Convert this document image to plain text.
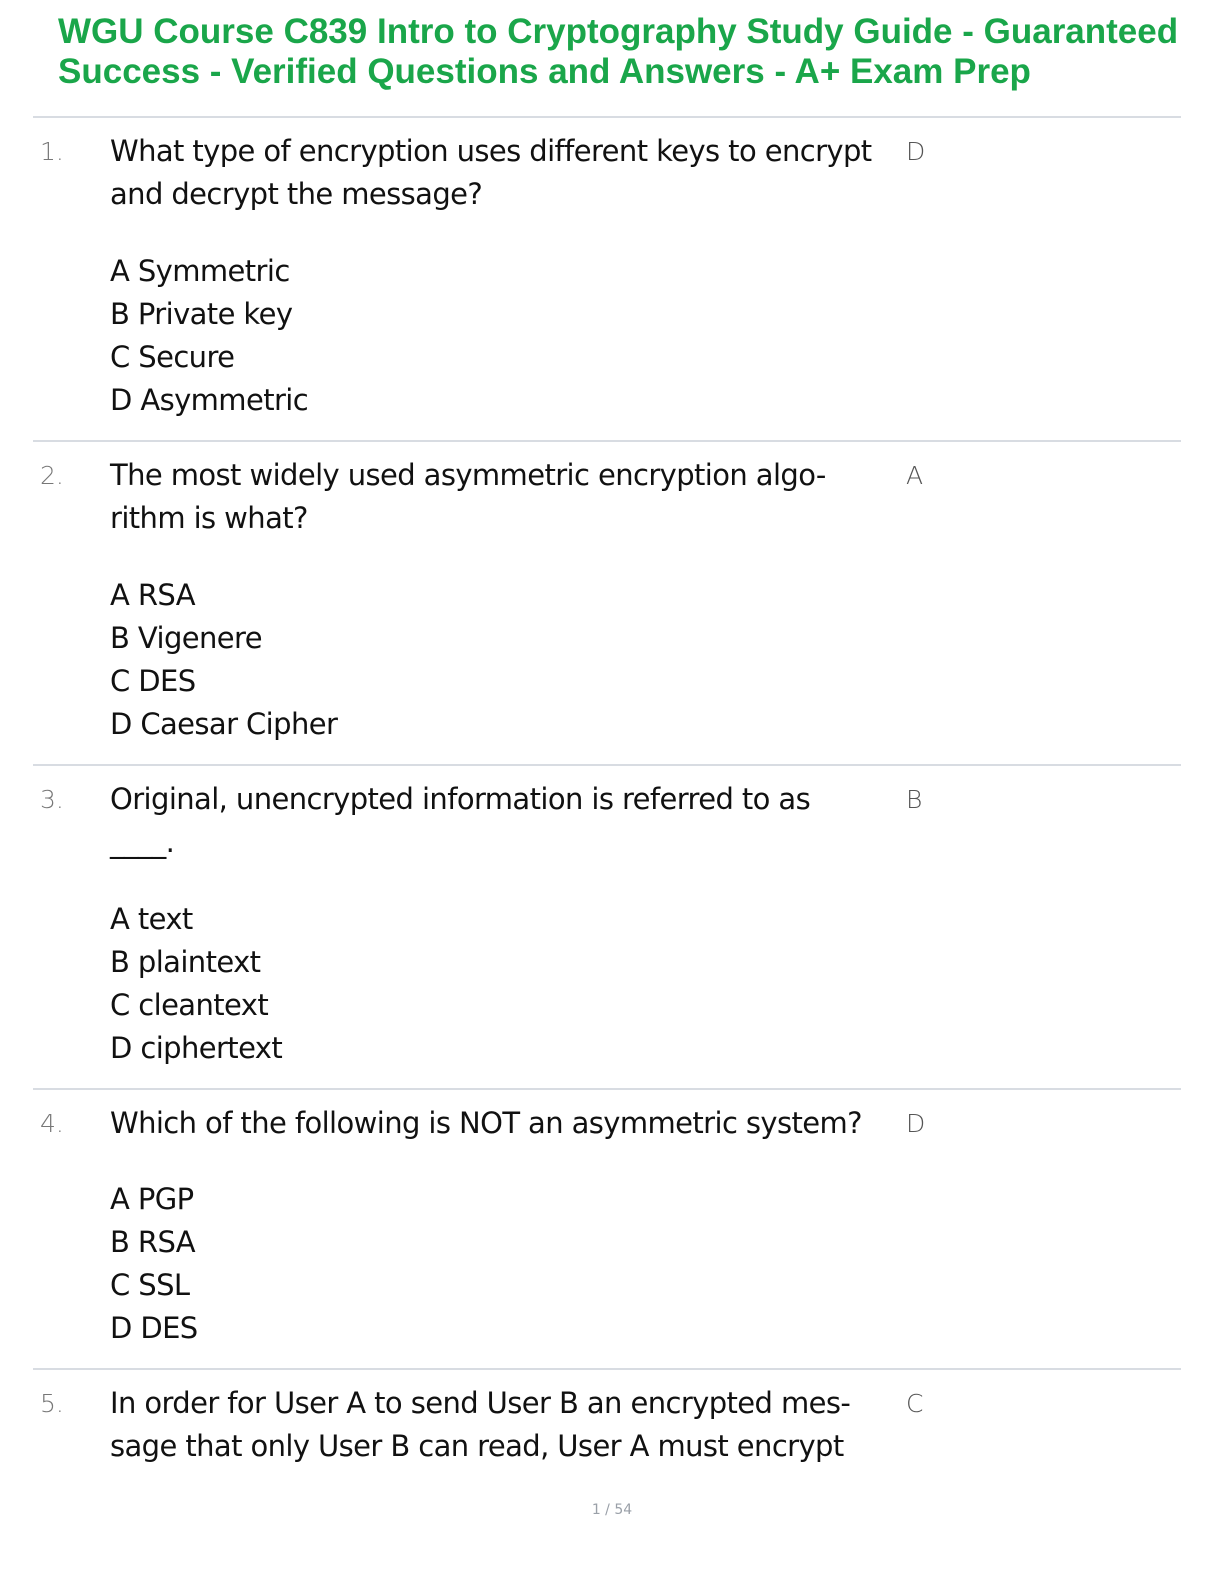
WGU Course C839 Intro to Cryptography Study Guide - Guaranteed Success - Verified Questions and Answers - A+ Exam Prep
1. What type of encryption uses different keys to encrypt and decrypt the message?
D
A Symmetric
B Private key
C Secure
D Asymmetric
2. The most widely used asymmetric encryption algo-
rithm is what?
A
A RSA
B Vigenere
C DES
D Caesar Cipher
3. Original, unencrypted information is referred to as
____.
B
A text
B plaintext
C cleantext
D ciphertext
4. Which of the following is NOT an asymmetric system?	D
A PGP
B RSA
C SSL
D DES
5. In order for User A to send User B an encrypted mes-
sage that only User B can read, User A must encrypt
C
1 / 54
